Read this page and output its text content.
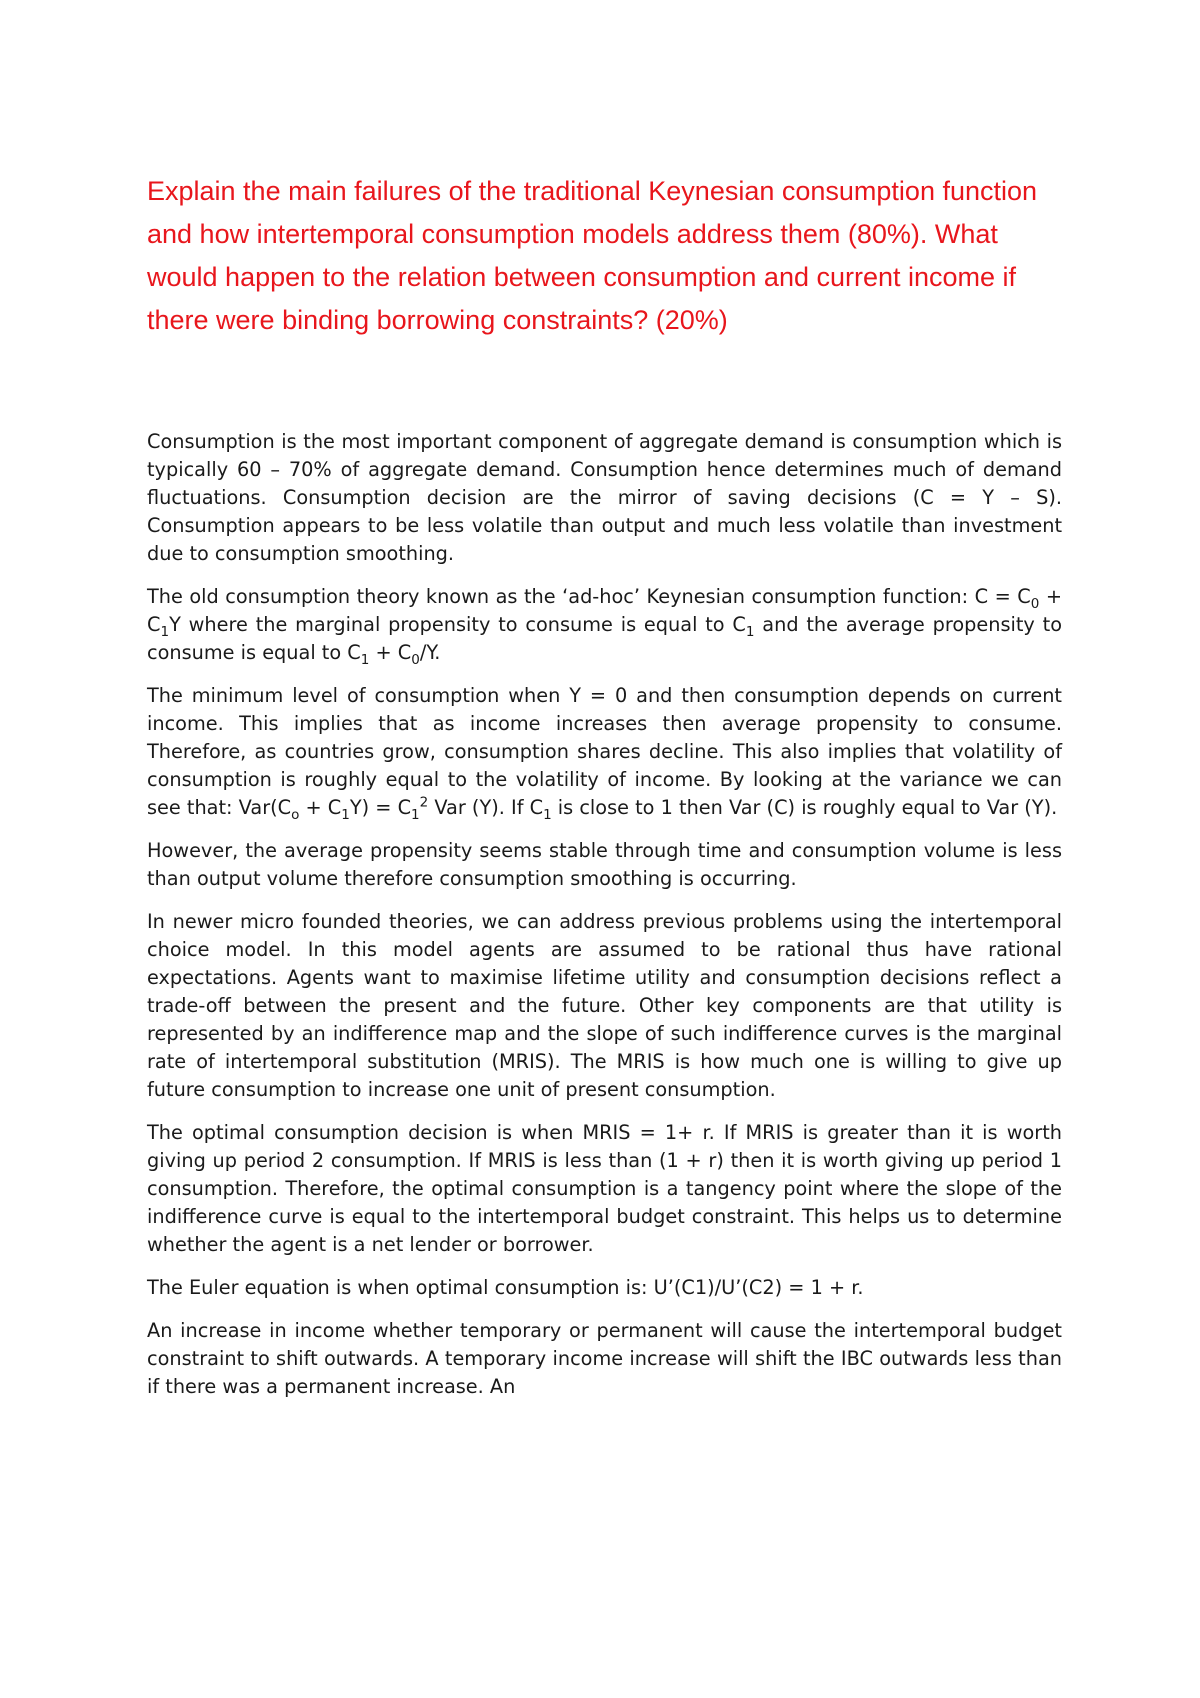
Explain the main failures of the traditional Keynesian consumption function and how intertemporal consumption models address them (80%). What would happen to the relation between consumption and current income if there were binding borrowing constraints? (20%)

Consumption is the most important component of aggregate demand is consumption which is typically 60 – 70% of aggregate demand. Consumption hence determines much of demand fluctuations. Consumption decision are the mirror of saving decisions (C = Y – S). Consumption appears to be less volatile than output and much less volatile than investment due to consumption smoothing.

The old consumption theory known as the ‘ad-hoc’ Keynesian consumption function: $C = C_0 + C_1Y$ where the marginal propensity to consume is equal to $C_1$ and the average propensity to consume is equal to $C_1 + C_0/Y$.

The minimum level of consumption when Y = 0 and then consumption depends on current income. This implies that as income increases then average propensity to consume. Therefore, as countries grow, consumption shares decline. This also implies that volatility of consumption is roughly equal to the volatility of income. By looking at the variance we can see that: $Var(C_o + C_1Y) = C_1^2$ Var (Y). If $C_1$ is close to 1 then Var (C) is roughly equal to Var (Y).

However, the average propensity seems stable through time and consumption volume is less than output volume therefore consumption smoothing is occurring.

In newer micro founded theories, we can address previous problems using the intertemporal choice model. In this model agents are assumed to be rational thus have rational expectations. Agents want to maximise lifetime utility and consumption decisions reflect a trade-off between the present and the future. Other key components are that utility is represented by an indifference map and the slope of such indifference curves is the marginal rate of intertemporal substitution (MRIS). The MRIS is how much one is willing to give up future consumption to increase one unit of present consumption.

The optimal consumption decision is when MRIS = 1+ r. If MRIS is greater than it is worth giving up period 2 consumption. If MRIS is less than (1 + r) then it is worth giving up period 1 consumption. Therefore, the optimal consumption is a tangency point where the slope of the indifference curve is equal to the intertemporal budget constraint. This helps us to determine whether the agent is a net lender or borrower.

The Euler equation is when optimal consumption is: U’(C1)/U’(C2) = 1 + r.

An increase in income whether temporary or permanent will cause the intertemporal budget constraint to shift outwards. A temporary income increase will shift the IBC outwards less than if there was a permanent increase. An
